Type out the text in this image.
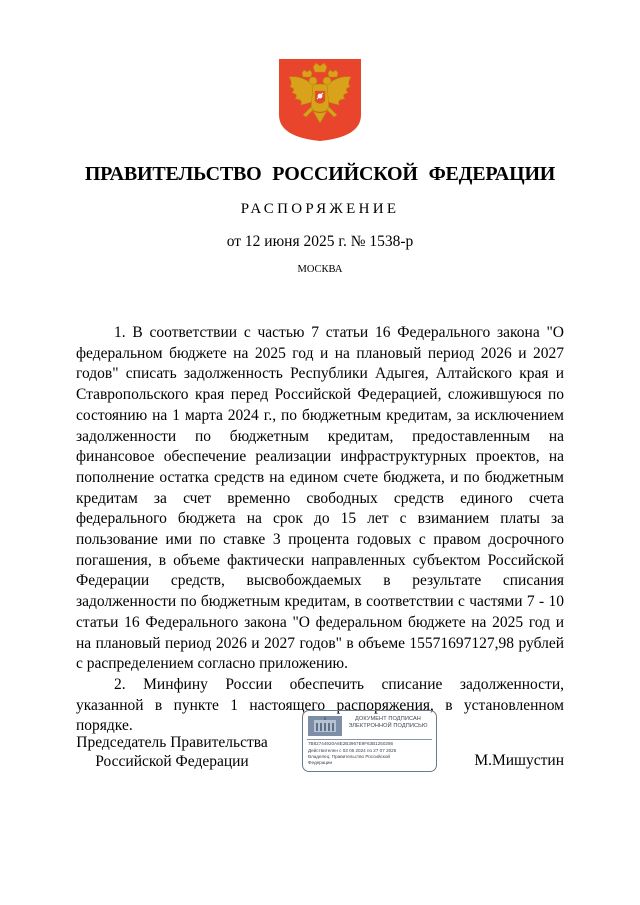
ПРАВИТЕЛЬСТВО РОССИЙСКОЙ ФЕДЕРАЦИИ
РАСПОРЯЖЕНИЕ
от 12 июня 2025 г. № 1538-р
МОСКВА

1. В соответствии с частью 7 статьи 16 Федерального закона "О федеральном бюджете на 2025 год и на плановый период 2026 и 2027 годов" списать задолженность Республики Адыгея, Алтайского края и Ставропольского края перед Российской Федерацией, сложившуюся по состоянию на 1 марта 2024 г., по бюджетным кредитам, за исключением задолженности по бюджетным кредитам, предоставленным на финансовое обеспечение реализации инфраструктурных проектов, на пополнение остатка средств на едином счете бюджета, и по бюджетным кредитам за счет временно свободных средств единого счета федерального бюджета на срок до 15 лет с взиманием платы за пользование ими по ставке 3 процента годовых с правом досрочного погашения, в объеме фактически направленных субъектом Российской Федерации средств, высвобождаемых в результате списания задолженности по бюджетным кредитам, в соответствии с частями 7 - 10 статьи 16 Федерального закона "О федеральном бюджете на 2025 год и на плановый период 2026 и 2027 годов" в объеме 15571697127,98 рублей с распределением согласно приложению.

2. Минфину России обеспечить списание задолженности, указанной в пункте 1 настоящего распоряжения, в установленном порядке.

Председатель Правительства
Российской Федерации
ДОКУМЕНТ ПОДПИСАН
ЭЛЕКТРОННОЙ ПОДПИСЬЮ
7B82744920A6E2B3967E9F63B1250286
Действителен с 03 05 2024 по 27 07 2025
Владелец: Правительство Российской
Федерации	М.Мишустин
